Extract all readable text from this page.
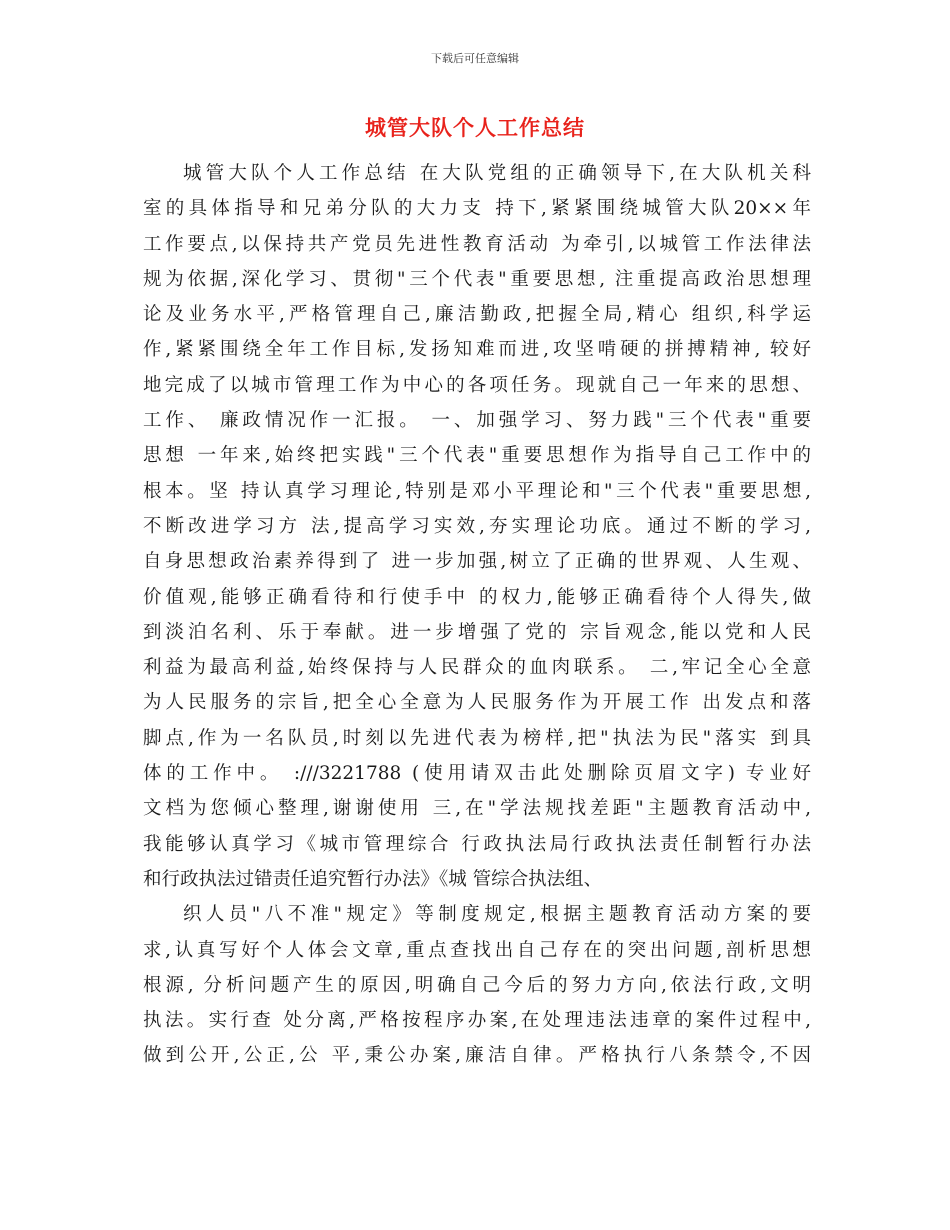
下载后可任意编辑
城管大队个人工作总结
城管大队个人工作总结 在大队党组的正确领导下,在大队机关科
室的具体指导和兄弟分队的大力支 持下,紧紧围绕城管大队20××年
工作要点,以保持共产党员先进性教育活动 为牵引,以城管工作法律法
规为依据,深化学习、贯彻"三个代表"重要思想, 注重提高政治思想理
论及业务水平,严格管理自己,廉洁勤政,把握全局,精心 组织,科学运
作,紧紧围绕全年工作目标,发扬知难而进,攻坚啃硬的拼搏精神, 较好
地完成了以城市管理工作为中心的各项任务。现就自己一年来的思想、
工作、 廉政情况作一汇报。 一、加强学习、努力践"三个代表"重要
思想 一年来,始终把实践"三个代表"重要思想作为指导自己工作中的
根本。坚 持认真学习理论,特别是邓小平理论和"三个代表"重要思想,
不断改进学习方 法,提高学习实效,夯实理论功底。通过不断的学习,
自身思想政治素养得到了 进一步加强,树立了正确的世界观、人生观、
价值观,能够正确看待和行使手中 的权力,能够正确看待个人得失,做
到淡泊名利、乐于奉献。进一步增强了党的 宗旨观念,能以党和人民
利益为最高利益,始终保持与人民群众的血肉联系。 二,牢记全心全意
为人民服务的宗旨,把全心全意为人民服务作为开展工作 出发点和落
脚点,作为一名队员,时刻以先进代表为榜样,把"执法为民"落实 到具
体的工作中。 :///3221788 (使用请双击此处删除页眉文字) 专业好
文档为您倾心整理,谢谢使用 三,在"学法规找差距"主题教育活动中,
我能够认真学习《城市管理综合 行政执法局行政执法责任制暂行办法
和行政执法过错责任追究暂行办法》《城 管综合执法组、
织人员"八不准"规定》等制度规定,根据主题教育活动方案的要
求,认真写好个人体会文章,重点查找出自己存在的突出问题,剖析思想
根源, 分析问题产生的原因,明确自己今后的努力方向,依法行政,文明
执法。实行查 处分离,严格按程序办案,在处理违法违章的案件过程中,
做到公开,公正,公 平,秉公办案,廉洁自律。严格执行八条禁令,不因
